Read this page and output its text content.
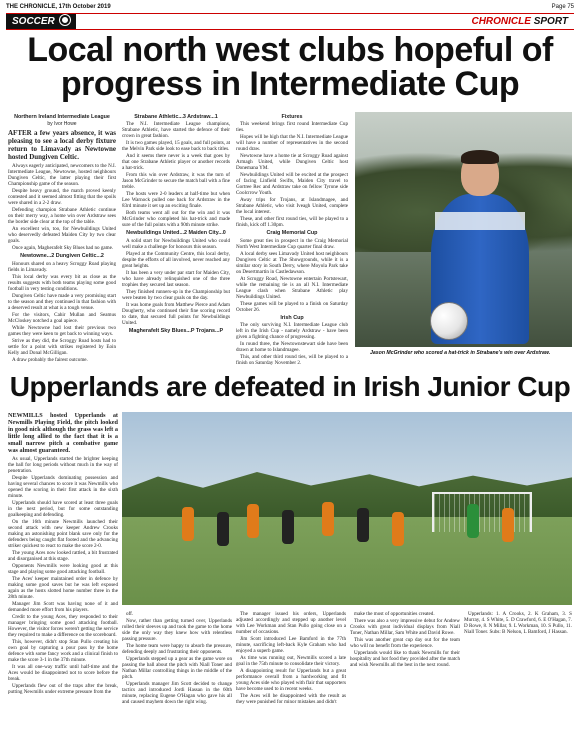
THE CHRONICLE, 17th October 2019	Page 75
SOCCER	CHRONICLE SPORT
Local north west clubs hopeful of progress in Intermediate Cup
Northern Ireland Intermediate League
by Ivor Howe

AFTER a few years absence, it was pleasing to see a local derby fixture return to Limavady as Newtowne hosted Dungiven Celtic.

Always eagerly anticipated, newcomers to the N.I. Intermediate League, Newtowne, hosted neighbours Dungiven Celtic, the latter playing their first Championship game of the season.

Despite heavy ground, the match proved keenly contested and it seemed almost fitting that the spoils were shared in a 2-2 draw.

Defending champion Strabane Athletic continue on their merry way, a home win over Ardstraw sees the border side clear at the top of the table.

An excellent win, too, for Newbuildings United who deservedly defeated Maiden City by two clear goals.

Once again, Magherafelt Sky Blues had no game.

Newtowne...2 Dungiven Celtic...2

Honours shared on a heavy Scroggy Road playing fields in Limavady.

This local derby was every bit as close as the results suggests with both teams playing some good football in very testing conditions.

Dungiven Celtic have made a very promising start to the season and they continued in that fashion with a deserved result at what is a tough venue.

For the visitors, Cahir Mullan and Seamus McCloskey notched a goal apiece.

While Newtowne had lost their previous two games they were keen to get back to winning ways.

Strive as they did, the Scroggy Road hosts had to settle for a point with strikes registered by Eoin Kelly and Donal McGilligan.

A draw probably the fairest outcome.

Strabane Athletic...3 Ardstraw...1

The N.I. Intermediate League champions, Strabane Athletic, have started the defence of their crown in great fashion.

It is two games played, 15 goals, and full points, at the Melvin Park side look to ease back to back titles.

And it seems there never is a week that goes by that one Strabane Athletic player or another records a hat-trick.

From this win over Ardstraw, it was the turn of Jason McGrinder to secure the match ball with a fine treble.

The hosts were 2-0 leaders at half-time but when Lee Warnock pulled one back for Ardstraw in the 83rd minute it set up an exciting finale.

Both teams went all out for the win and it was McGrinder who completed his hat-trick and made sure of the full points with a 90th minute strike.

Newbuildings United...2 Maiden City...0

A solid start for Newbuildings United who could well make a challenge for honours this season.

Played at the Community Centre, this local derby, despite the efforts of all involved, never reached any great heights.

It has been a very under par start for Maiden City, who have already relinquished one of the three trophies they secured last season.

They finished runners-up in the Championship but were beaten by two clear goals on the day.

It was home goals from Matthew Pierce and Adam Dougherty, who continued their fine scoring record to date, that secured full points for Newbuildings United.

Magherafelt Sky Blues...P Trojans...P
Fixtures

This weekend brings first round Intermediate Cup ties.

Hopes will be high that the N.I. Intermediate League will have a number of representatives in the second round draw.

Newtowne have a home tie at Scroggy Road against Armagh United, while Dungiven Celtic host Donemana YM.

Newbuildings United will be excited at the prospect of facing Linfield Swifts, Maiden City travel to Gortree Rec and Ardstraw take on fellow Tyrone side Coolcrrow Youth.

Away trips for Trojans, at Islandmagee, and Strabane Athletic, who visit Iveagh United, complete the local interest.

These, and other first round ties, will be played to a finish, kick off 1.30pm.

Craig Memorial Cup

Some great ties in prospect in the Craig Memorial North West Intermediate Cup quarter final draw.

A local derby sees Limavady United host neighbours Dungiven Celtic at The Showgrounds, while it is a similar story in South Derry, where Moyola Park take on Desertmartin in Castledawson.

At Scroggy Road, Newtowne entertain Portstewart, while the remaining tie is an all N.I. Intermediate League clash when Strabane Athletic play Newbuildings United.

These games will be played to a finish on Saturday October 26.

Irish Cup

The only surviving N.I. Intermediate League club left in the Irish Cup - namely Ardstraw - have been given a fighting chance of progressing.

In round three, the Newtownstewart side have been drawn at home to Islandmagee.

This, and other third round ties, will be played to a finish on Saturday November 2.

Jason McGrinder who scored a hat-trick in Strabane's win over Ardstraw.
Upperlands are defeated in Irish Junior Cup

NEWMILLS hosted Upperlands at Newmills Playing Field, the pitch looked in good nick although the grass was left a little long allied to the fact that it is a small narrow pitch a combative game was almost guaranteed.

As usual, Upperlands started the brighter keeping the ball for long periods without much in the way of penetration.

Despite Upperlands dominating possession and having several chances to score it was Newmills who opened the scoring in their first attack in the sixth minute.

Upperlands should have scored at least three goals in the next period, but for some outstanding goalkeeping and defending.

On the 16th minute Newmills launched their second attack with new keeper Andrew Crooks making an astonishing point blank save only for the defenders being caught flat footed and the advancing striker quickest to react to make the score 2-0.

The young Aces now looked rattled, a bit frustrated and disorganised at this stage.

Opponents Newmills were looking good at this stage and playing some good attacking football.

The Aces' keeper maintained order in defence by making some good saves but he was left exposed again as the hosts slotted home number three in the 28th minute.

Manager Jim Scott was having none of it and demanded more effort from his players.

Credit to the young Aces, they responded to their manager bringing some good attacking football. However, the visitor forces weren't getting the service they required to make a difference on the scoreboard.

This, however, didn't stop Stan Pullo creating his own goal by capturing a pour pass by the home defence with some fancy work and a clinical finish to make the score 3-1 in the 37th minute.

It was all one-way traffic until half-time and the Aces would be disappointed not to score before the break.

Upperlands flew out of the traps after the break, putting Newmills under extreme pressure from the

off.

Now, rather than getting turned over, Upperlands rolled their sleeves up and took the game to the home side the only way they knew how with relentless passing pressure.

The home team were happy to absorb the pressure, defending deeply and frustrating their opponents.

Upperlands stepped up a gear as the game wore on passing the ball about the pitch with Niall Toner and Nathan Millar controlling things in the middle of the pitch.

Upperlands manager Jim Scott decided to change tactics and introduced Jordi Hassan in the 60th minute, replacing Eugene O'Hagan who gave his all and caused mayhem down the right wing.

The manager issued his orders, Upperlands adjusted accordingly and stepped up another level with Lee Workman and Stan Pullo going close on a number of occasions.

Jim Scott introduced Lee Bamford in the 77th minute, sacrificing left-back Kyle Graham who had enjoyed a superb game.

As time was running out, Newmills scored a late goal in the 75th minute to consolidate their victory.

A disappointing result for Upperlands but a great performance overall from a hardworking and fit young Aces side who played with flair that supporters have become used to in recent weeks.

The Aces will be disappointed with the result as they were punished for minor mistakes and didn't

make the most of opportunities created.

There was also a very impressive debut for Andrew Crooks with great individual displays from Niall Toner, Nathan Millar, Sam White and David Rowe.

This was another great cup day out for the team who will no benefit from the experience.

Upperlands would like to thank Newmills for their hospitality and hot food they provided after the match and wish Newmills all the best in the next round.

Upperlands: 1. A Crooks, 2. K Graham, 3. S Murray, 4. S White, 5. D Crawford, 6. E O'Hagan, 7. D Rowe, 8. N Millar, 9. L Workman, 10. S Pullo, 11. Niall Toner. Subs: B Nelson, L Bamford, J Hassan.
